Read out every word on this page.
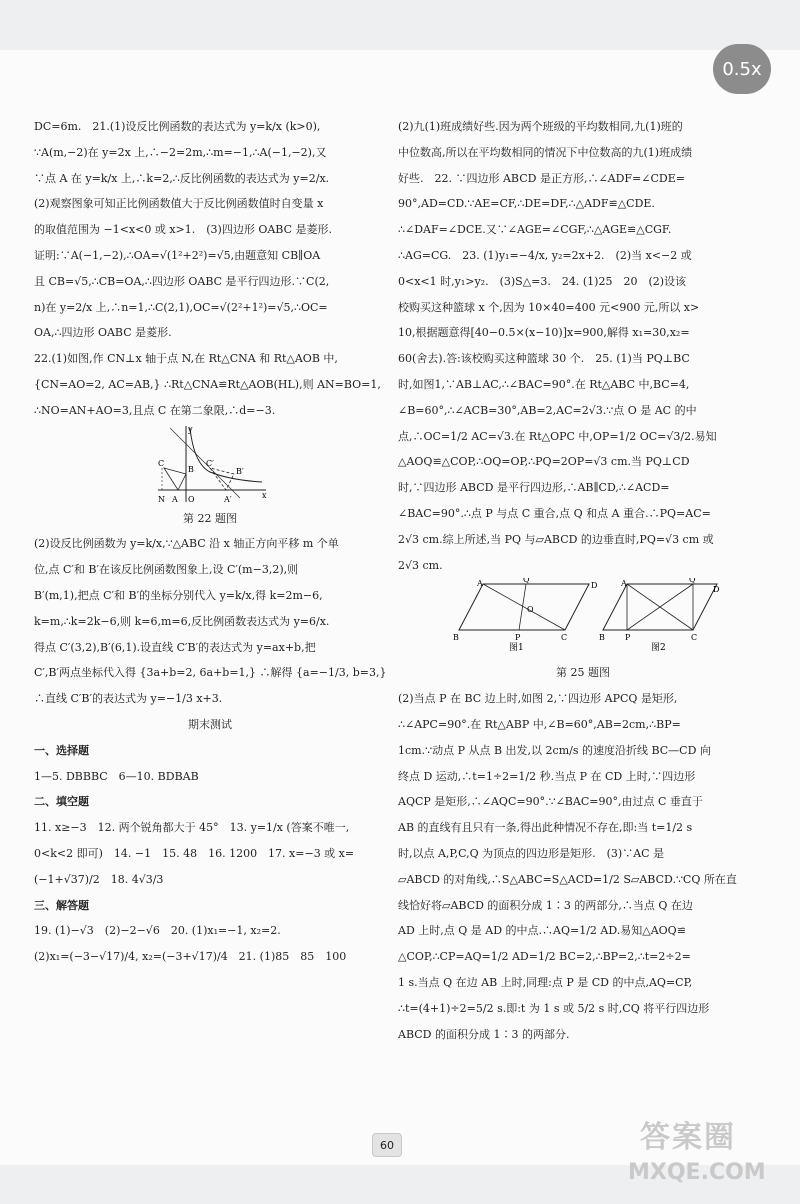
0.5x

DC=6m.　21.(1)设反比例函数的表达式为 y=k/x (k>0),

∵A(m,−2)在 y=2x 上,∴−2=2m,∴m=−1,∴A(−1,−2),又

∵点 A 在 y=k/x 上,∴k=2,∴反比例函数的表达式为 y=2/x.

(2)观察图象可知正比例函数值大于反比例函数值时自变量 x

的取值范围为 −1<x<0 或 x>1.　(3)四边形 OABC 是菱形.

证明:∵A(−1,−2),∴OA=√(1²+2²)=√5,由题意知 CB∥OA

且 CB=√5,∴CB=OA,∴四边形 OABC 是平行四边形.∵C(2,

n)在 y=2/x 上,∴n=1,∴C(2,1),OC=√(2²+1²)=√5,∴OC=

OA,∴四边形 OABC 是菱形.

22.(1)如图,作 CN⊥x 轴于点 N,在 Rt△CNA 和 Rt△AOB 中,

{CN=AO=2, AC=AB,} ∴Rt△CNA≌Rt△AOB(HL),则 AN=BO=1,

∴NO=AN+AO=3,且点 C 在第二象限,∴d=−3.

N A O	A′	x
y
C
B
C′
B′

第 22 题图

(2)设反比例函数为 y=k/x,∵△ABC 沿 x 轴正方向平移 m 个单

位,点 C′和 B′在该反比例函数图象上,设 C′(m−3,2),则

B′(m,1),把点 C′和 B′的坐标分别代入 y=k/x,得 k=2m−6,

k=m,∴k=2k−6,则 k=6,m=6,反比例函数表达式为 y=6/x.

得点 C′(3,2),B′(6,1).设直线 C′B′的表达式为 y=ax+b,把

C′,B′两点坐标代入得 {3a+b=2, 6a+b=1,} ∴解得 {a=−1/3, b=3,}

∴直线 C′B′的表达式为 y=−1/3 x+3.

期末测试

一、选择题

1—5. DBBBC　6—10. BDBAB

二、填空题

11. x≥−3　12. 两个锐角都大于 45°　13. y=1/x (答案不唯一,

0<k<2 即可)　14. −1　15. 48　16. 1200　17. x=−3 或 x=

(−1+√37)/2　18. 4√3/3

三、解答题

19. (1)−√3　(2)−2−√6　20. (1)x₁=−1, x₂=2.

(2)x₁=(−3−√17)/4, x₂=(−3+√17)/4　21. (1)85　85　100

(2)九(1)班成绩好些.因为两个班级的平均数相同,九(1)班的

中位数高,所以在平均数相同的情况下中位数高的九(1)班成绩

好些.　22. ∵四边形 ABCD 是正方形,∴∠ADF=∠CDE=

90°,AD=CD.∵AE=CF,∴DE=DF,∴△ADF≌△CDE.

∴∠DAF=∠DCE.又∵∠AGE=∠CGF,∴△AGE≌△CGF.

∴AG=CG.　23. (1)y₁=−4/x, y₂=2x+2.　(2)当 x<−2 或

0<x<1 时,y₁>y₂.　(3)S△=3.　24. (1)25　20　(2)设该

校购买这种篮球 x 个,因为 10×40=400 元<900 元,所以 x>

10,根据题意得[40−0.5×(x−10)]x=900,解得 x₁=30,x₂=

60(舍去).答:该校购买这种篮球 30 个.　25. (1)当 PQ⊥BC

时,如图1,∵AB⊥AC,∴∠BAC=90°.在 Rt△ABC 中,BC=4,

∠B=60°,∴∠ACB=30°,AB=2,AC=2√3.∵点 O 是 AC 的中

点,∴OC=1/2 AC=√3.在 Rt△OPC 中,OP=1/2 OC=√3/2.易知

△AOQ≌△COP,∴OQ=OP,∴PQ=2OP=√3 cm.当 PQ⊥CD

时,∵四边形 ABCD 是平行四边形,∴AB∥CD,∴∠ACD=

∠BAC=90°.∴点 P 与点 C 重合,点 Q 和点 A 重合.∴PQ=AC=

2√3 cm.综上所述,当 PQ 与▱ABCD 的边垂直时,PQ=√3 cm 或

2√3 cm.

A	Q
D
B	P	C
O
A	Q
D
B	P	C
图1	图2

第 25 题图

(2)当点 P 在 BC 边上时,如图 2,∵四边形 APCQ 是矩形,

∴∠APC=90°.在 Rt△ABP 中,∠B=60°,AB=2cm,∴BP=

1cm.∵动点 P 从点 B 出发,以 2cm/s 的速度沿折线 BC—CD 向

终点 D 运动,∴t=1÷2=1/2 秒.当点 P 在 CD 上时,∵四边形

AQCP 是矩形,∴∠AQC=90°.∵∠BAC=90°,由过点 C 垂直于

AB 的直线有且只有一条,得出此种情况不存在,即:当 t=1/2 s

时,以点 A,P,C,Q 为顶点的四边形是矩形.　(3)∵AC 是

▱ABCD 的对角线,∴S△ABC=S△ACD=1/2 S▱ABCD.∵CQ 所在直

线恰好将▱ABCD 的面积分成 1∶3 的两部分,∴当点 Q 在边

AD 上时,点 Q 是 AD 的中点.∴AQ=1/2 AD.易知△AOQ≌

△COP,∴CP=AQ=1/2 AD=1/2 BC=2,∴BP=2,∴t=2÷2=

1 s.当点 Q 在边 AB 上时,同理:点 P 是 CD 的中点,AQ=CP,

∴t=(4+1)÷2=5/2 s.即:t 为 1 s 或 5/2 s 时,CQ 将平行四边形

ABCD 的面积分成 1∶3 的两部分.

60	答案圈
MXQE.COM
